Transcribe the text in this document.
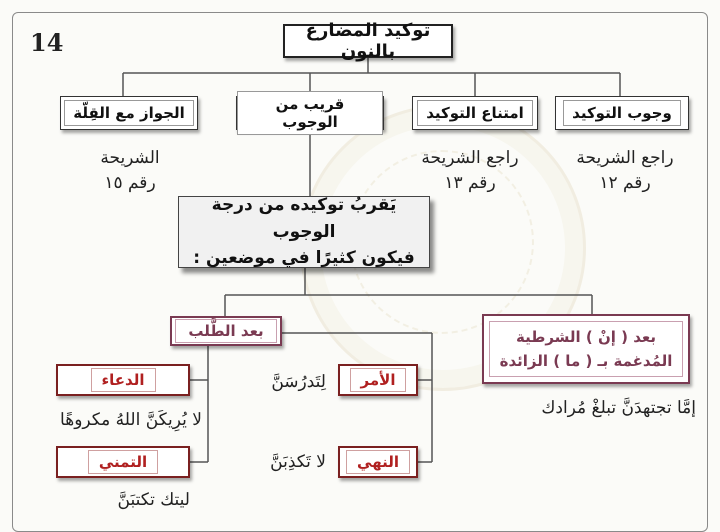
14	توكيد المضارع بالنون
وجوب التوكيد
امتناع التوكيد
قريب من الوجوب
الجواز مع القِلّة
راجع الشريحة
رقم ١٢
راجع الشريحة
رقم ١٣
الشريحة
رقم ١٥
يَقربُ توكيده من درجة الوجوب
فيكون كثيرًا في موضعين :
بعد الطَّلب	بعد ( إنْ ) الشرطية
المُدغمة بـ ( ما ) الزائدة
إمَّا تجتهدَنَّ تبلغْ مُرادك
الأمر
لِتَدرُسَنَّ
النهي
لا تَكذِبَنَّ
الدعاء
لا يُرِيكَنَّ اللهُ مكروهًا
التمني
ليتك تكتبَنَّ
